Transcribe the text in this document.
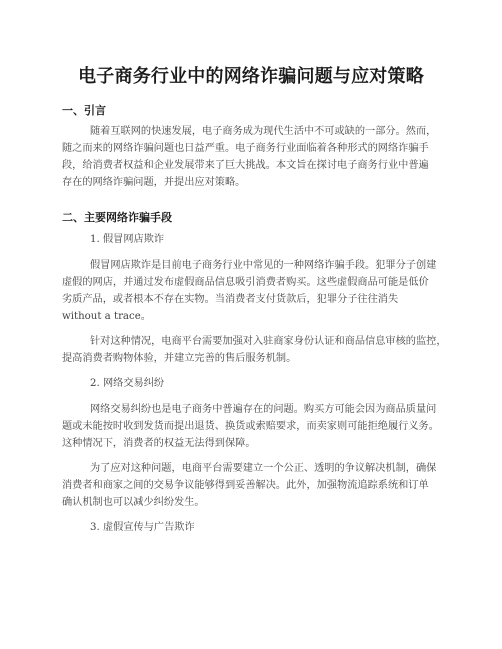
电子商务行业中的网络诈骗问题与应对策略
一、引言
随着互联网的快速发展，电子商务成为现代生活中不可或缺的一部分。然而，
随之而来的网络诈骗问题也日益严重。电子商务行业面临着各种形式的网络诈骗手
段，给消费者权益和企业发展带来了巨大挑战。本文旨在探讨电子商务行业中普遍
存在的网络诈骗问题，并提出应对策略。
二、主要网络诈骗手段
1. 假冒网店欺诈
假冒网店欺诈是目前电子商务行业中常见的一种网络诈骗手段。犯罪分子创建
虚假的网店，并通过发布虚假商品信息吸引消费者购买。这些虚假商品可能是低价
劣质产品，或者根本不存在实物。当消费者支付货款后，犯罪分子往往消失
without a trace。
针对这种情况，电商平台需要加强对入驻商家身份认证和商品信息审核的监控，
提高消费者购物体验，并建立完善的售后服务机制。
2. 网络交易纠纷
网络交易纠纷也是电子商务中普遍存在的问题。购买方可能会因为商品质量问
题或未能按时收到发货而提出退货、换货或索赔要求，而卖家则可能拒绝履行义务。
这种情况下，消费者的权益无法得到保障。
为了应对这种问题，电商平台需要建立一个公正、透明的争议解决机制，确保
消费者和商家之间的交易争议能够得到妥善解决。此外，加强物流追踪系统和订单
确认机制也可以减少纠纷发生。
3. 虚假宣传与广告欺诈
